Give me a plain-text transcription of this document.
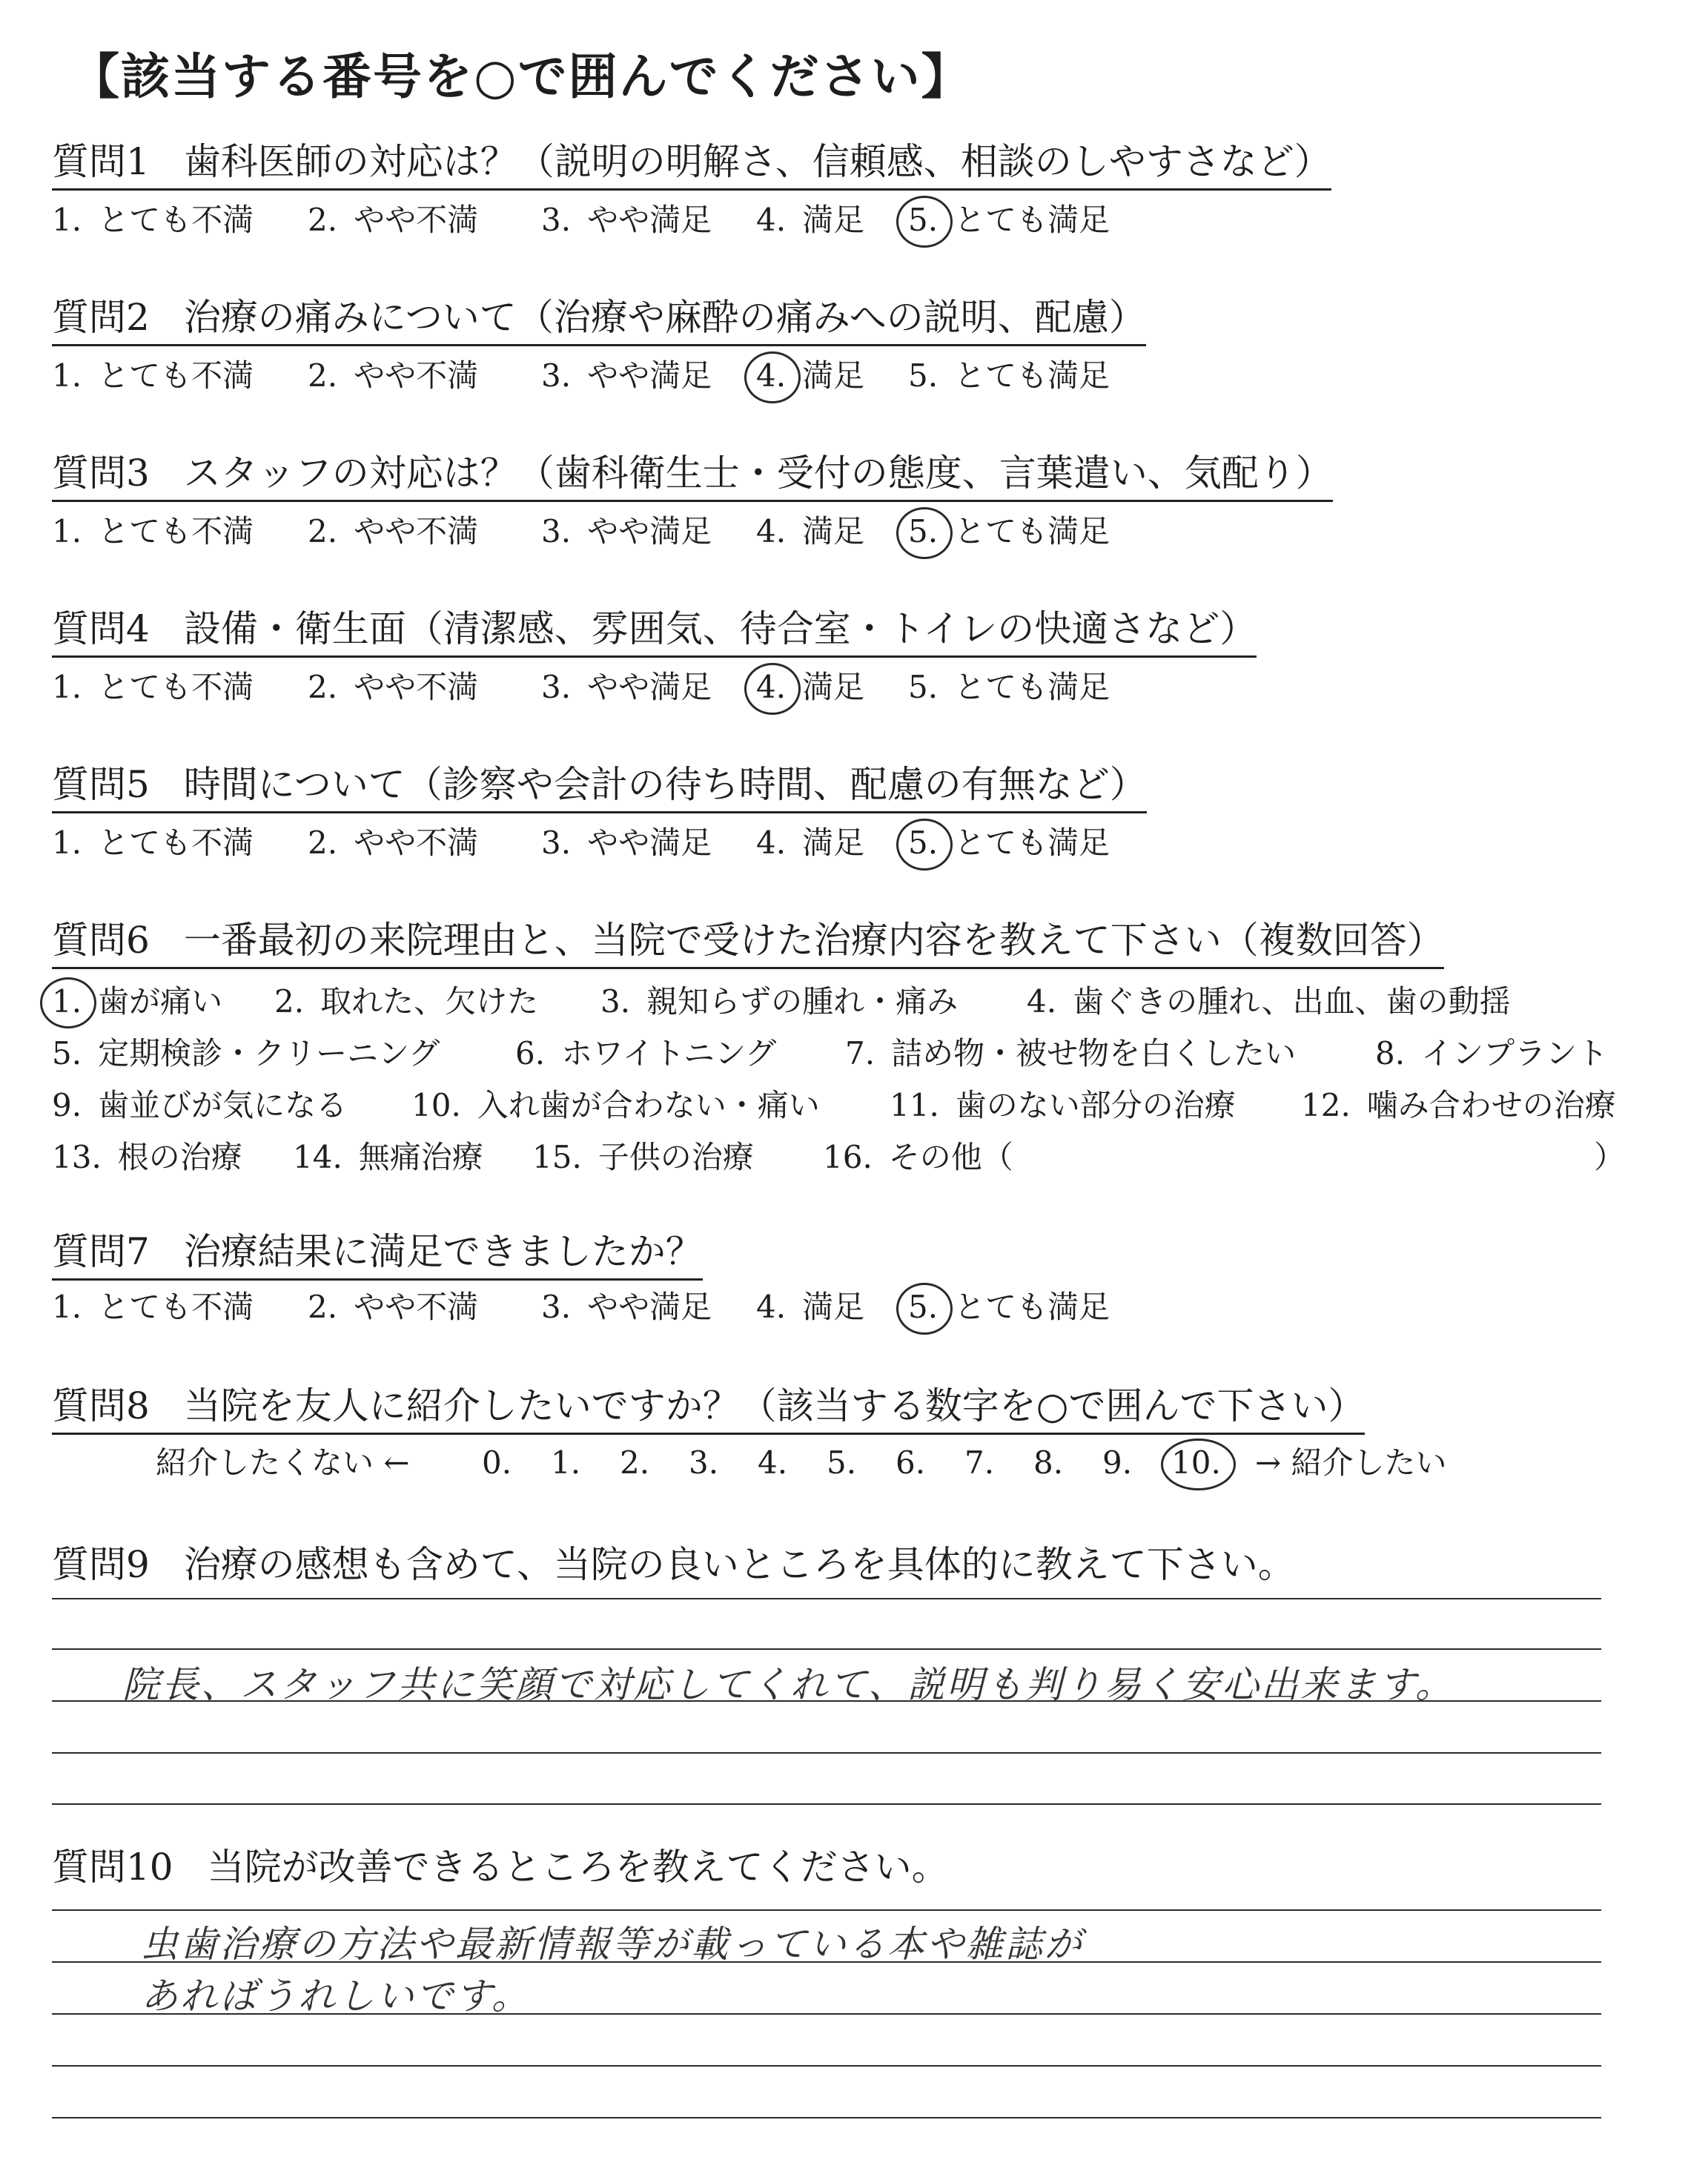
【該当する番号を○で囲んでください】
質問1 歯科医師の対応は？（説明の明解さ、信頼感、相談のしやすさなど）
1. とても不満 2. やや不満 3. やや満足 4. 満足 5. とても満足
質問2 治療の痛みについて（治療や麻酔の痛みへの説明、配慮）
1. とても不満 2. やや不満 3. やや満足 4. 満足 5. とても満足
質問3 スタッフの対応は？（歯科衛生士・受付の態度、言葉遣い、気配り）
1. とても不満 2. やや不満 3. やや満足 4. 満足 5. とても満足
質問4 設備・衛生面（清潔感、雰囲気、待合室・トイレの快適さなど）
1. とても不満 2. やや不満 3. やや満足 4. 満足 5. とても満足
質問5 時間について（診察や会計の待ち時間、配慮の有無など）
1. とても不満 2. やや不満 3. やや満足 4. 満足 5. とても満足
質問6 一番最初の来院理由と、当院で受けた治療内容を教えて下さい（複数回答）
1. 歯が痛い 2. 取れた、欠けた 3. 親知らずの腫れ・痛み 4. 歯ぐきの腫れ、出血、歯の動揺
5. 定期検診・クリーニング 6. ホワイトニング 7. 詰め物・被せ物を白くしたい	8. インプラント
9. 歯並びが気になる 10. 入れ歯が合わない・痛い 11. 歯のない部分の治療 12. 噛み合わせの治療
13. 根の治療 14. 無痛治療 15. 子供の治療 16. その他（	）
質問7 治療結果に満足できましたか？
1. とても不満 2. やや不満 3. やや満足 4. 満足 5. とても満足
質問8 当院を友人に紹介したいですか？（該当する数字を○で囲んで下さい）
紹介したくない ← 0. 1. 2. 3. 4. 5. 6. 7. 8. 9. 10. → 紹介したい
質問9 治療の感想も含めて、当院の良いところを具体的に教えて下さい。
院長、スタッフ共に笑顔で対応してくれて、説明も判り易く安心出来ます。
質問10 当院が改善できるところを教えてください。
虫歯治療の方法や最新情報等が載っている本や雑誌が
あればうれしいです。
